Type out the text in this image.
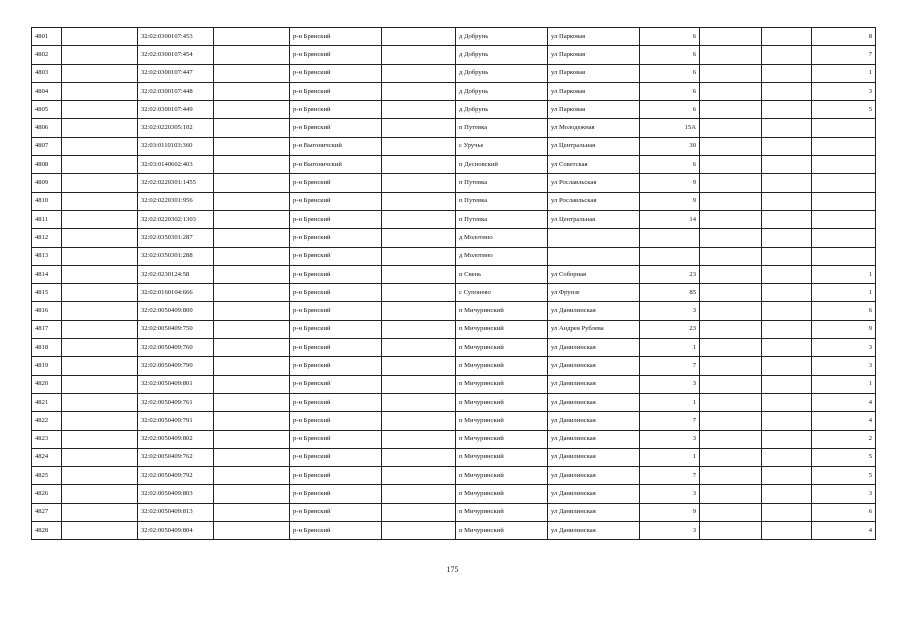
4801		32:02:0300107:453		р-н Брянский		д Добрунь	ул Парковая	6			8
4802		32:02:0300107:454		р-н Брянский		д Добрунь	ул Парковая	6			7
4803		32:02:0300107:447		р-н Брянский		д Добрунь	ул Парковая	6			1
4804		32:02:0300107:448		р-н Брянский		д Добрунь	ул Парковая	6			3
4805		32:02:0300107:449		р-н Брянский		д Добрунь	ул Парковая	6			5
4806		32:02:0220305:102		р-н Брянский		п Путевка	ул Молодежная	15А			
4807		32:03:0110103:360		р-н Выгоничский		с Уручье	ул Центральная	30			
4808		32:03:0140602:403		р-н Выгоничский		п Десновский	ул Советская	6			
4809		32:02:0220301:1455		р-н Брянский		п Путевка	ул Рославльская	9			
4810		32:02:0220301:956		р-н Брянский		п Путевка	ул Рославльская	9			
4811		32:02:0220302:1303		р-н Брянский		п Путевка	ул Центральная	14			
4812		32:02:0350301:287		р-н Брянский		д Молотино					
4813		32:02:0350301:288		р-н Брянский		д Молотино					
4814		32:02:0230124:58		р-н Брянский		п Свень	ул Соборная	23			1
4815		32:02:0160104:666		р-н Брянский		с Супонево	ул Фрунзе	85			1
4816		32:02:0050409:800		р-н Брянский		п Мичуринский	ул Данилинская	3			6
4817		32:02:0050409:750		р-н Брянский		п Мичуринский	ул Андрея Рублева	23			9
4818		32:02:0050409:760		р-н Брянский		п Мичуринский	ул Данилинская	1			3
4819		32:02:0050409:790		р-н Брянский		п Мичуринский	ул Данилинская	7			3
4820		32:02:0050409:801		р-н Брянский		п Мичуринский	ул Данилинская	3			1
4821		32:02:0050409:761		р-н Брянский		п Мичуринский	ул Данилинская	1			4
4822		32:02:0050409:791		р-н Брянский		п Мичуринский	ул Данилинская	7			4
4823		32:02:0050409:802		р-н Брянский		п Мичуринский	ул Данилинская	3			2
4824		32:02:0050409:762		р-н Брянский		п Мичуринский	ул Данилинская	1			5
4825		32:02:0050409:792		р-н Брянский		п Мичуринский	ул Данилинская	7			5
4826		32:02:0050409:803		р-н Брянский		п Мичуринский	ул Данилинская	3			3
4827		32:02:0050409:813		р-н Брянский		п Мичуринский	ул Данилинская	9			6
4828		32:02:0050409:804		р-н Брянский		п Мичуринский	ул Данилинская	3			4
175
